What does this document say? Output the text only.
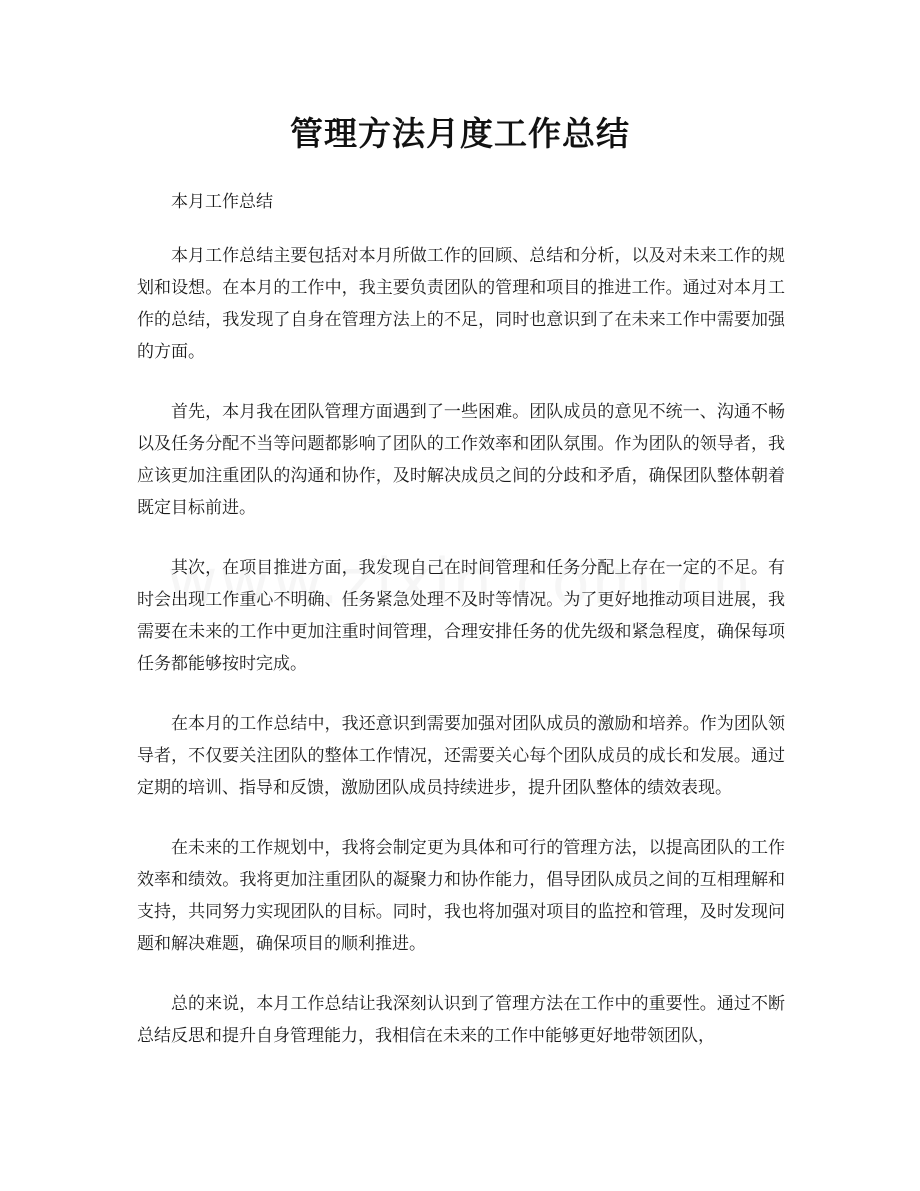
管理方法月度工作总结

本月工作总结

本月工作总结主要包括对本月所做工作的回顾、总结和分析，以及对未来工作的规划和设想。在本月的工作中，我主要负责团队的管理和项目的推进工作。通过对本月工作的总结，我发现了自身在管理方法上的不足，同时也意识到了在未来工作中需要加强的方面。

首先，本月我在团队管理方面遇到了一些困难。团队成员的意见不统一、沟通不畅以及任务分配不当等问题都影响了团队的工作效率和团队氛围。作为团队的领导者，我应该更加注重团队的沟通和协作，及时解决成员之间的分歧和矛盾，确保团队整体朝着既定目标前进。

其次，在项目推进方面，我发现自己在时间管理和任务分配上存在一定的不足。有时会出现工作重心不明确、任务紧急处理不及时等情况。为了更好地推动项目进展，我需要在未来的工作中更加注重时间管理，合理安排任务的优先级和紧急程度，确保每项任务都能够按时完成。

在本月的工作总结中，我还意识到需要加强对团队成员的激励和培养。作为团队领导者，不仅要关注团队的整体工作情况，还需要关心每个团队成员的成长和发展。通过定期的培训、指导和反馈，激励团队成员持续进步，提升团队整体的绩效表现。

在未来的工作规划中，我将会制定更为具体和可行的管理方法，以提高团队的工作效率和绩效。我将更加注重团队的凝聚力和协作能力，倡导团队成员之间的互相理解和支持，共同努力实现团队的目标。同时，我也将加强对项目的监控和管理，及时发现问题和解决难题，确保项目的顺利推进。

总的来说，本月工作总结让我深刻认识到了管理方法在工作中的重要性。通过不断总结反思和提升自身管理能力，我相信在未来的工作中能够更好地带领团队，
